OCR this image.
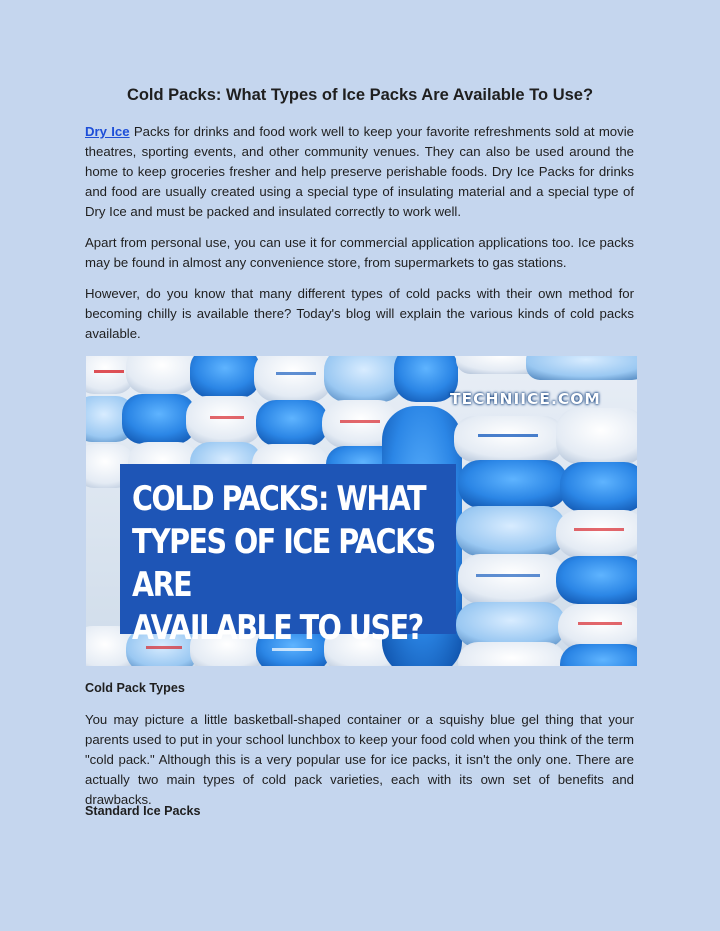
Cold Packs: What Types of Ice Packs Are Available To Use?

Dry Ice Packs for drinks and food work well to keep your favorite refreshments sold at movie theatres, sporting events, and other community venues. They can also be used around the home to keep groceries fresher and help preserve perishable foods. Dry Ice Packs for drinks and food are usually created using a special type of insulating material and a special type of Dry Ice and must be packed and insulated correctly to work well.

Apart from personal use, you can use it for commercial application applications too. Ice packs may be found in almost any convenience store, from supermarkets to gas stations.

However, do you know that many different types of cold packs with their own method for becoming chilly is available there? Today's blog will explain the various kinds of cold packs available.

TECHNIICE.COM
COLD PACKS: WHAT
TYPES OF ICE PACKS ARE
AVAILABLE TO USE?
Cold Pack Types

You may picture a little basketball-shaped container or a squishy blue gel thing that your parents used to put in your school lunchbox to keep your food cold when you think of the term "cold pack." Although this is a very popular use for ice packs, it isn't the only one. There are actually two main types of cold pack varieties, each with its own set of benefits and drawbacks.

Standard Ice Packs
